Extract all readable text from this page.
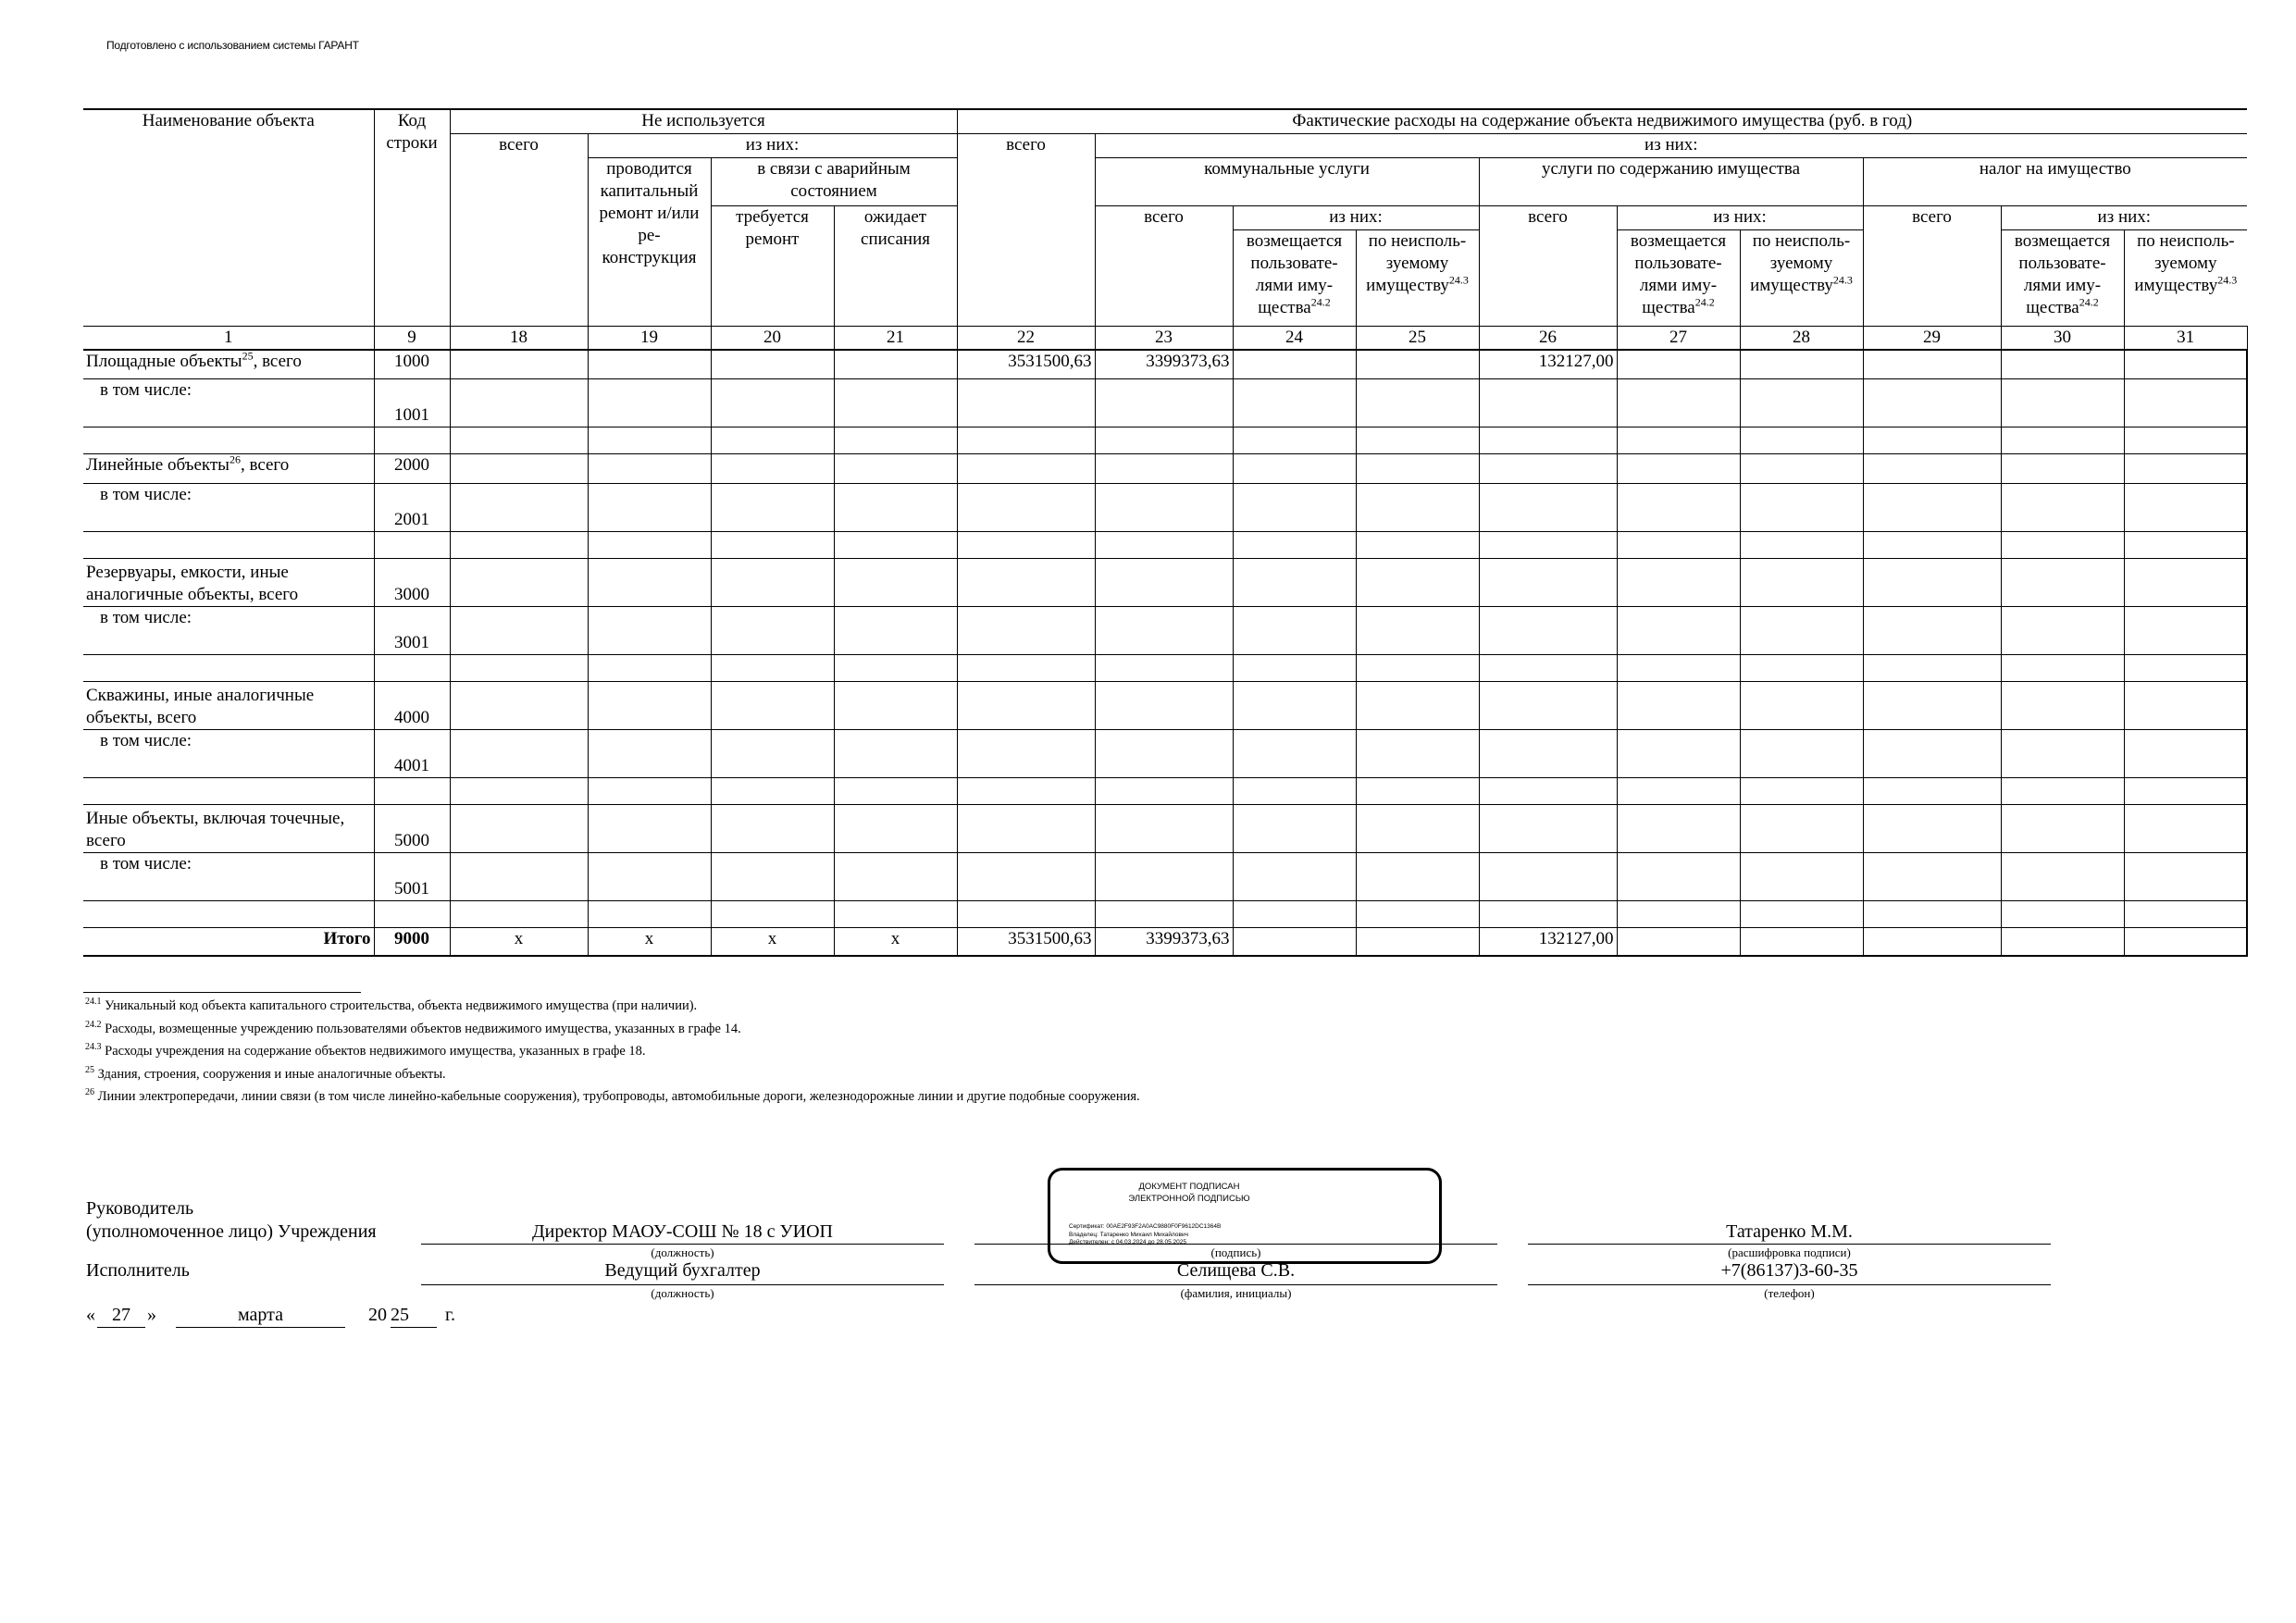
Подготовлено с использованием системы ГАРАНТ
Наименование объекта	Код строки	Не используется				Фактические расходы на содержание объекта недвижимого имущества (руб. в год)									
		всего	из них:			всего	из них:								
			проводится капитальный ремонт и/или ре-конструкция	в связи с аварийным состоянием			коммунальные услуги			услуги по содержанию имущества			налог на имущество		

				требуется ремонт	ожидает списания		всего	из них:		всего	из них:		всего	из них:	
								возмещается пользовате-лями иму-щества$^{24.2}$	по неисполь-зуемому имуществу$^{24.3}$		возмещается пользовате-лями иму-щества$^{24.2}$	по неисполь-зуемому имуществу$^{24.3}$		возмещается пользовате-лями иму-щества$^{24.2}$	по неисполь-зуемому имуществу$^{24.3}$
1	9	18	19	20	21	22	23	24	25	26	27	28	29	30	31
Площадные объекты$^{25}$, всего	1000					3531500,63	3399373,63			132127,00					
в том числе:	1001														

Линейные объекты$^{26}$, всего	2000														
в том числе:	2001														

Резервуары, емкости, иные аналогичные объекты, всего	3000														
в том числе:	3001														

Скважины, иные аналогичные объекты, всего	4000														
в том числе:	4001														

Иные объекты, включая точечные, всего	5000														
в том числе:	5001														

Итого	9000	x	x	x	x	3531500,63	3399373,63			132127,00					
$^{24.1}$ Уникальный код объекта капитального строительства, объекта недвижимого имущества (при наличии).
$^{24.2}$ Расходы, возмещенные учреждению пользователями объектов недвижимого имущества, указанных в графе 14.
$^{24.3}$ Расходы учреждения на содержание объектов недвижимого имущества, указанных в графе 18.
$^{25}$ Здания, строения, сооружения и иные аналогичные объекты.
$^{26}$ Линии электропередачи, линии связи (в том числе линейно-кабельные сооружения), трубопроводы, автомобильные дороги, железнодорожные линии и другие подобные сооружения.
Руководитель
(уполномоченное лицо) Учреждения	Директор МАОУ-СОШ № 18 с УИОП
(должность)	(подпись)
Татаренко М.М.
(расшифровка подписи)
Исполнитель	Ведущий бухгалтер
(должность)
Селищева С.В.
(фамилия, инициалы)
+7(86137)3-60-35
(телефон)
« 27 »	марта	20 25	г.
ДОКУМЕНТ ПОДПИСАН
ЭЛЕКТРОННОЙ ПОДПИСЬЮ
Сертификат: 00AE2F93F2A0AC9880F0F9612DC1364B
Владелец: Татаренко Михаил Михайлович
Действителен: с 04.03.2024 до 28.05.2025
